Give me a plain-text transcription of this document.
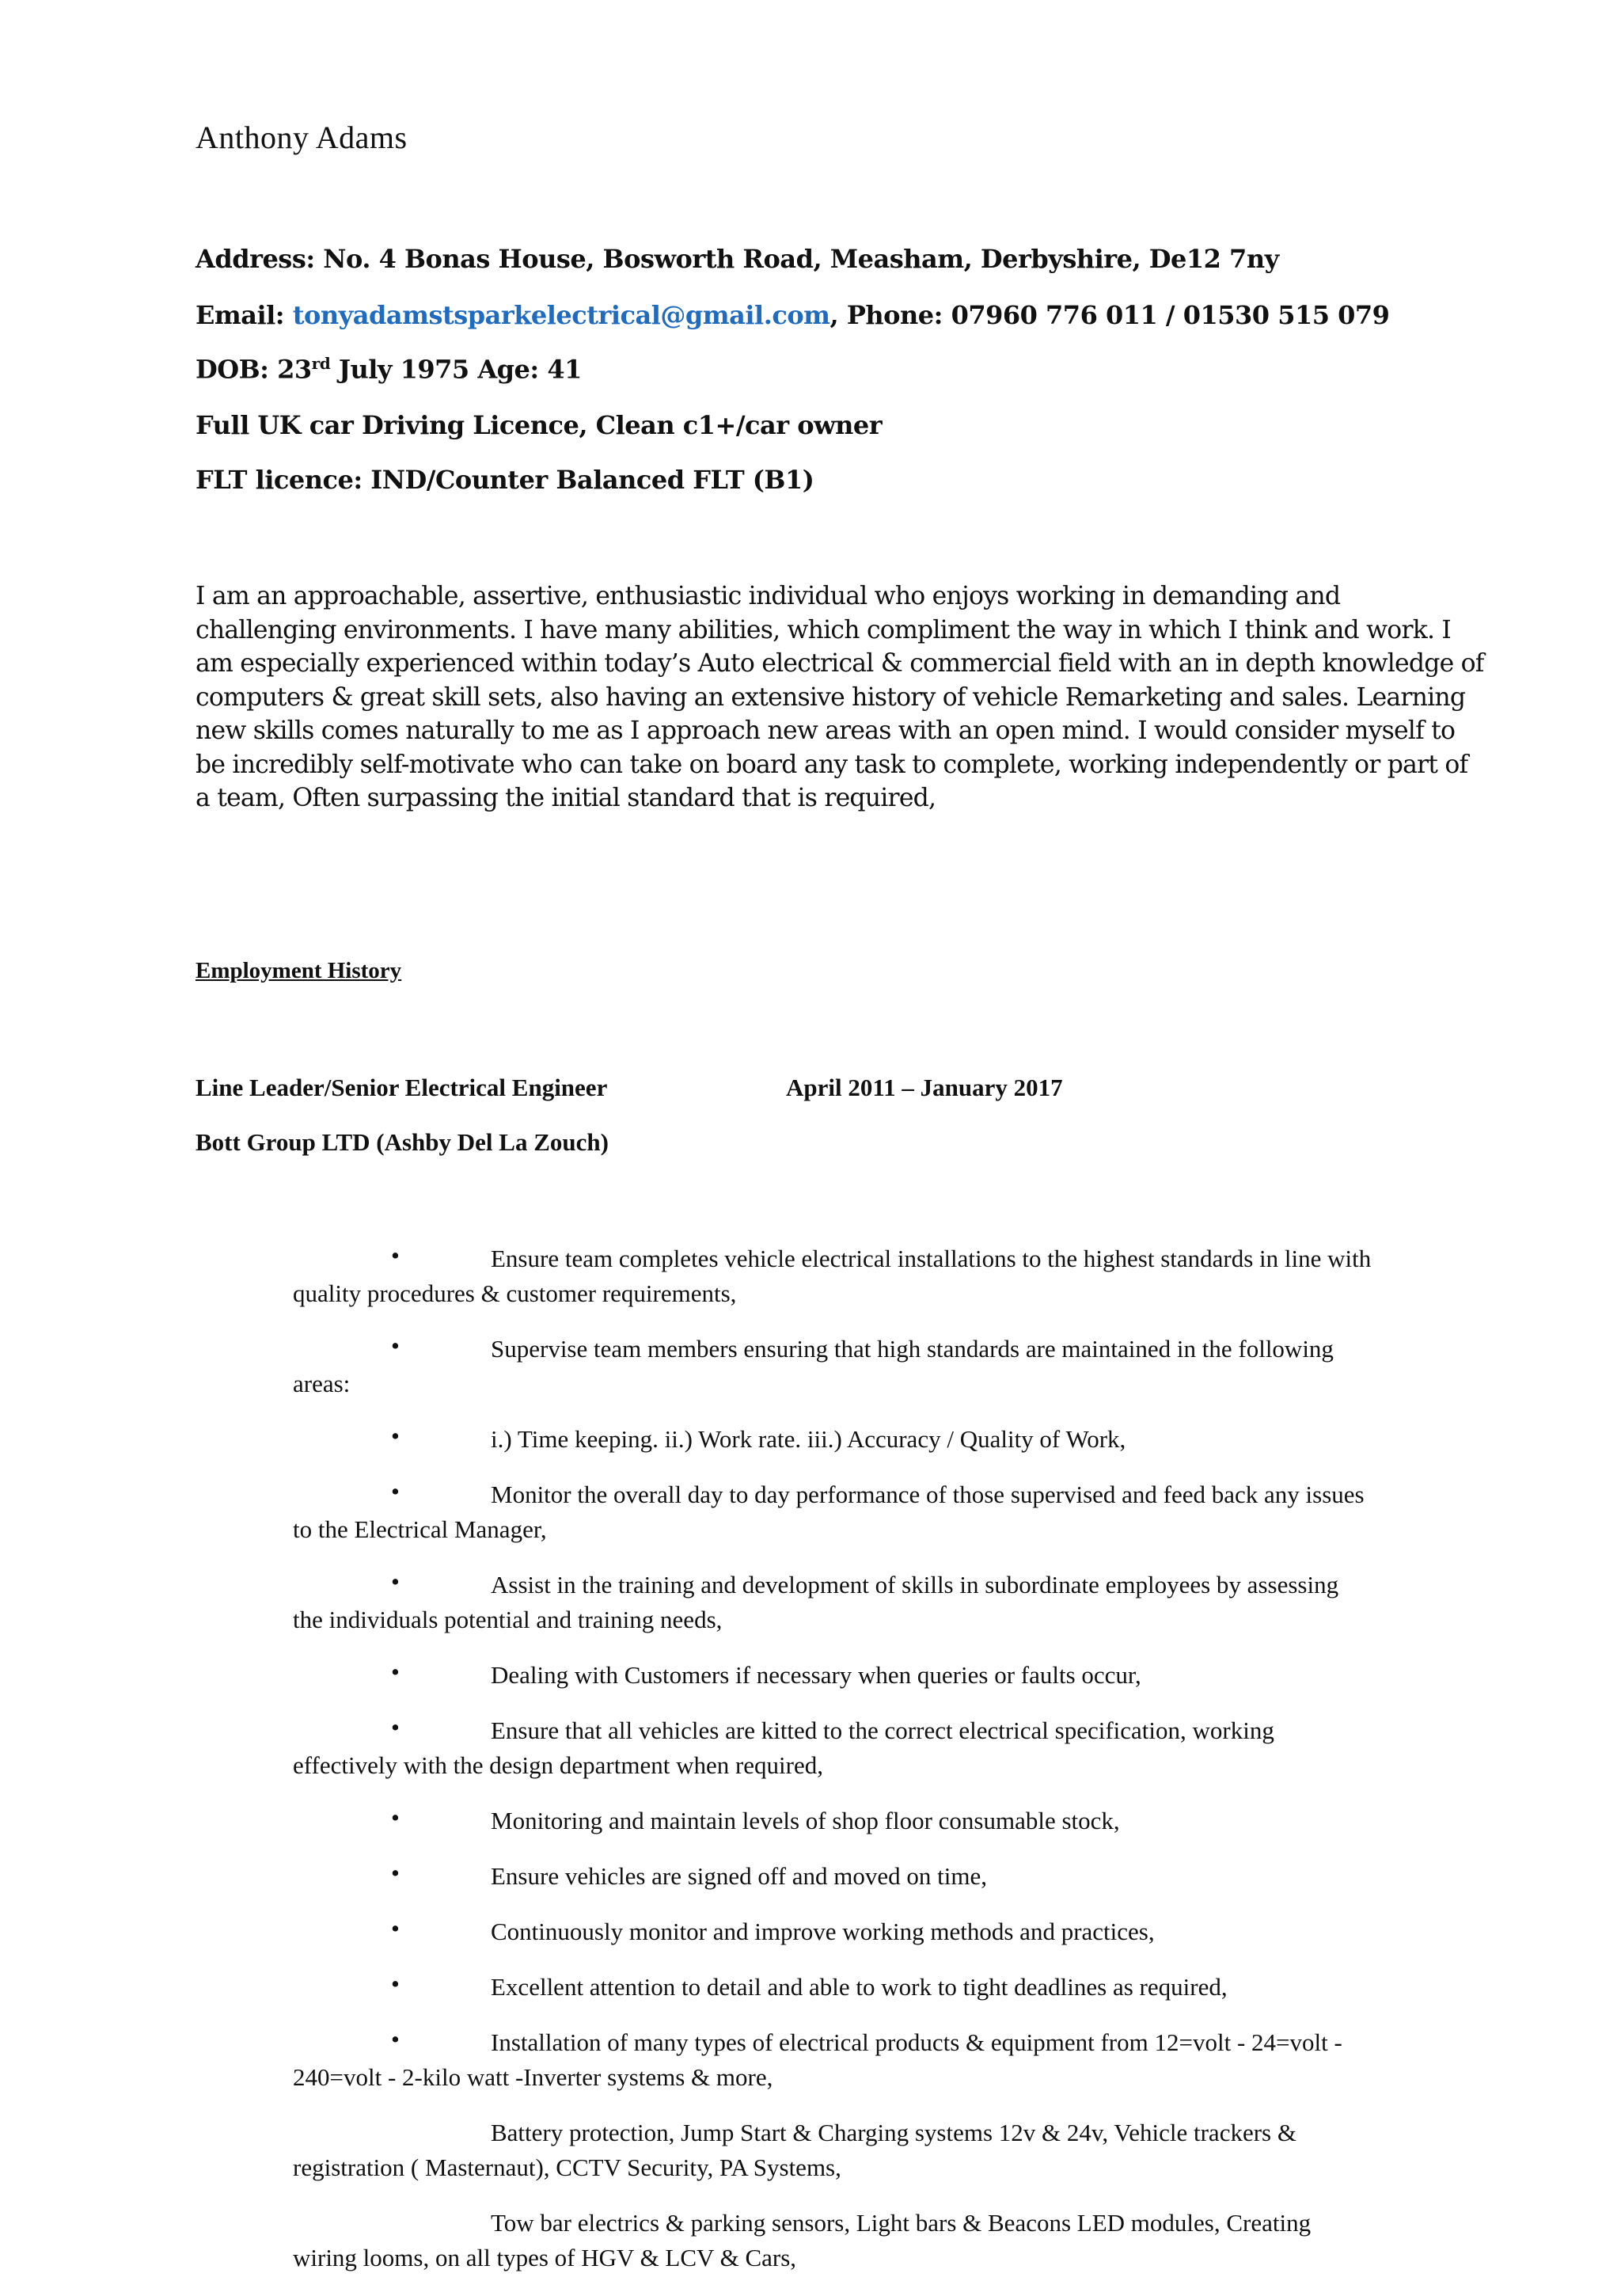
Anthony Adams
Address: No. 4 Bonas House, Bosworth Road, Measham, Derbyshire, De12 7ny
Email: tonyadamstsparkelectrical@gmail.com, Phone: 07960 776 011 / 01530 515 079
DOB: 23rd July 1975 Age: 41
Full UK car Driving Licence, Clean c1+/car owner
FLT licence: IND/Counter Balanced FLT (B1)
I am an approachable, assertive, enthusiastic individual who enjoys working in demanding and
challenging environments. I have many abilities, which compliment the way in which I think and work. I
am especially experienced within today’s Auto electrical & commercial field with an in depth knowledge of
computers & great skill sets, also having an extensive history of vehicle Remarketing and sales. Learning
new skills comes naturally to me as I approach new areas with an open mind. I would consider myself to
be incredibly self-motivate who can take on board any task to complete, working independently or part of
a team, Often surpassing the initial standard that is required,
Employment History
Line Leader/Senior Electrical Engineer	April 2011 – January 2017
Bott Group LTD (Ashby Del La Zouch)
•	Ensure team completes vehicle electrical installations to the highest standards in line with
quality procedures & customer requirements,
•	Supervise team members ensuring that high standards are maintained in the following
areas:
•	i.) Time keeping. ii.) Work rate. iii.) Accuracy / Quality of Work,
•	Monitor the overall day to day performance of those supervised and feed back any issues
to the Electrical Manager,
•	Assist in the training and development of skills in subordinate employees by assessing
the individuals potential and training needs,
•	Dealing with Customers if necessary when queries or faults occur,
•	Ensure that all vehicles are kitted to the correct electrical specification, working
effectively with the design department when required,
•	Monitoring and maintain levels of shop floor consumable stock,
•	Ensure vehicles are signed off and moved on time,
•	Continuously monitor and improve working methods and practices,
•	Excellent attention to detail and able to work to tight deadlines as required,
•	Installation of many types of electrical products & equipment from 12=volt - 24=volt -
240=volt - 2-kilo watt -Inverter systems & more,
Battery protection, Jump Start & Charging systems 12v & 24v, Vehicle trackers &
registration ( Masternaut), CCTV Security, PA Systems,
Tow bar electrics & parking sensors, Light bars & Beacons LED modules, Creating
wiring looms, on all types of HGV & LCV & Cars,
